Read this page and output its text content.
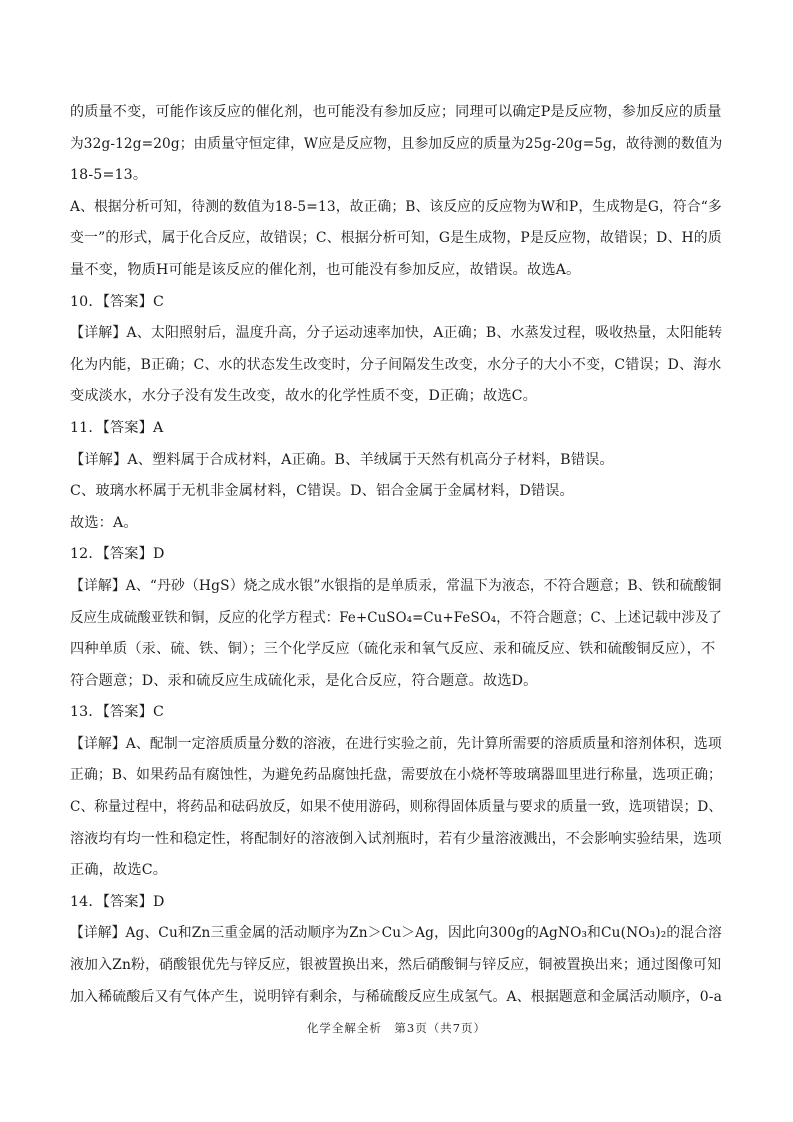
的质量不变，可能作该反应的催化剂，也可能没有参加反应；同理可以确定P是反应物，参加反应的质量
为32g-12g=20g；由质量守恒定律，W应是反应物，且参加反应的质量为25g-20g=5g，故待测的数值为
18-5=13。
A、根据分析可知，待测的数值为18-5=13，故正确；B、该反应的反应物为W和P，生成物是G，符合“多
变一”的形式，属于化合反应，故错误；C、根据分析可知，G是生成物，P是反应物，故错误；D、H的质
量不变，物质H可能是该反应的催化剂，也可能没有参加反应，故错误。故选A。
10．【答案】C
【详解】A、太阳照射后，温度升高，分子运动速率加快，A正确；B、水蒸发过程，吸收热量，太阳能转
化为内能，B正确；C、水的状态发生改变时，分子间隔发生改变，水分子的大小不变，C错误；D、海水
变成淡水，水分子没有发生改变，故水的化学性质不变，D正确；故选C。
11．【答案】A
【详解】A、塑料属于合成材料，A正确。B、羊绒属于天然有机高分子材料，B错误。
C、玻璃水杯属于无机非金属材料，C错误。D、铝合金属于金属材料，D错误。
故选：A。
12．【答案】D
【详解】A、“丹砂（HgS）烧之成水银”水银指的是单质汞，常温下为液态，不符合题意；B、铁和硫酸铜
反应生成硫酸亚铁和铜，反应的化学方程式：Fe+CuSO₄=Cu+FeSO₄，不符合题意；C、上述记载中涉及了
四种单质（汞、硫、铁、铜）；三个化学反应（硫化汞和氧气反应、汞和硫反应、铁和硫酸铜反应），不
符合题意；D、汞和硫反应生成硫化汞，是化合反应，符合题意。故选D。
13．【答案】C
【详解】A、配制一定溶质质量分数的溶液，在进行实验之前，先计算所需要的溶质质量和溶剂体积，选项
正确；B、如果药品有腐蚀性，为避免药品腐蚀托盘，需要放在小烧杯等玻璃器皿里进行称量，选项正确；
C、称量过程中，将药品和砝码放反，如果不使用游码，则称得固体质量与要求的质量一致，选项错误；D、
溶液均有均一性和稳定性，将配制好的溶液倒入试剂瓶时，若有少量溶液溅出，不会影响实验结果，选项
正确，故选C。
14．【答案】D
【详解】Ag、Cu和Zn三重金属的活动顺序为Zn＞Cu＞Ag，因此向300g的AgNO₃和Cu(NO₃)₂的混合溶
液加入Zn粉，硝酸银优先与锌反应，银被置换出来，然后硝酸铜与锌反应，铜被置换出来；通过图像可知
加入稀硫酸后又有气体产生，说明锌有剩余，与稀硫酸反应生成氢气。A、根据题意和金属活动顺序，0-a
化学全解全析　第3页（共7页）
